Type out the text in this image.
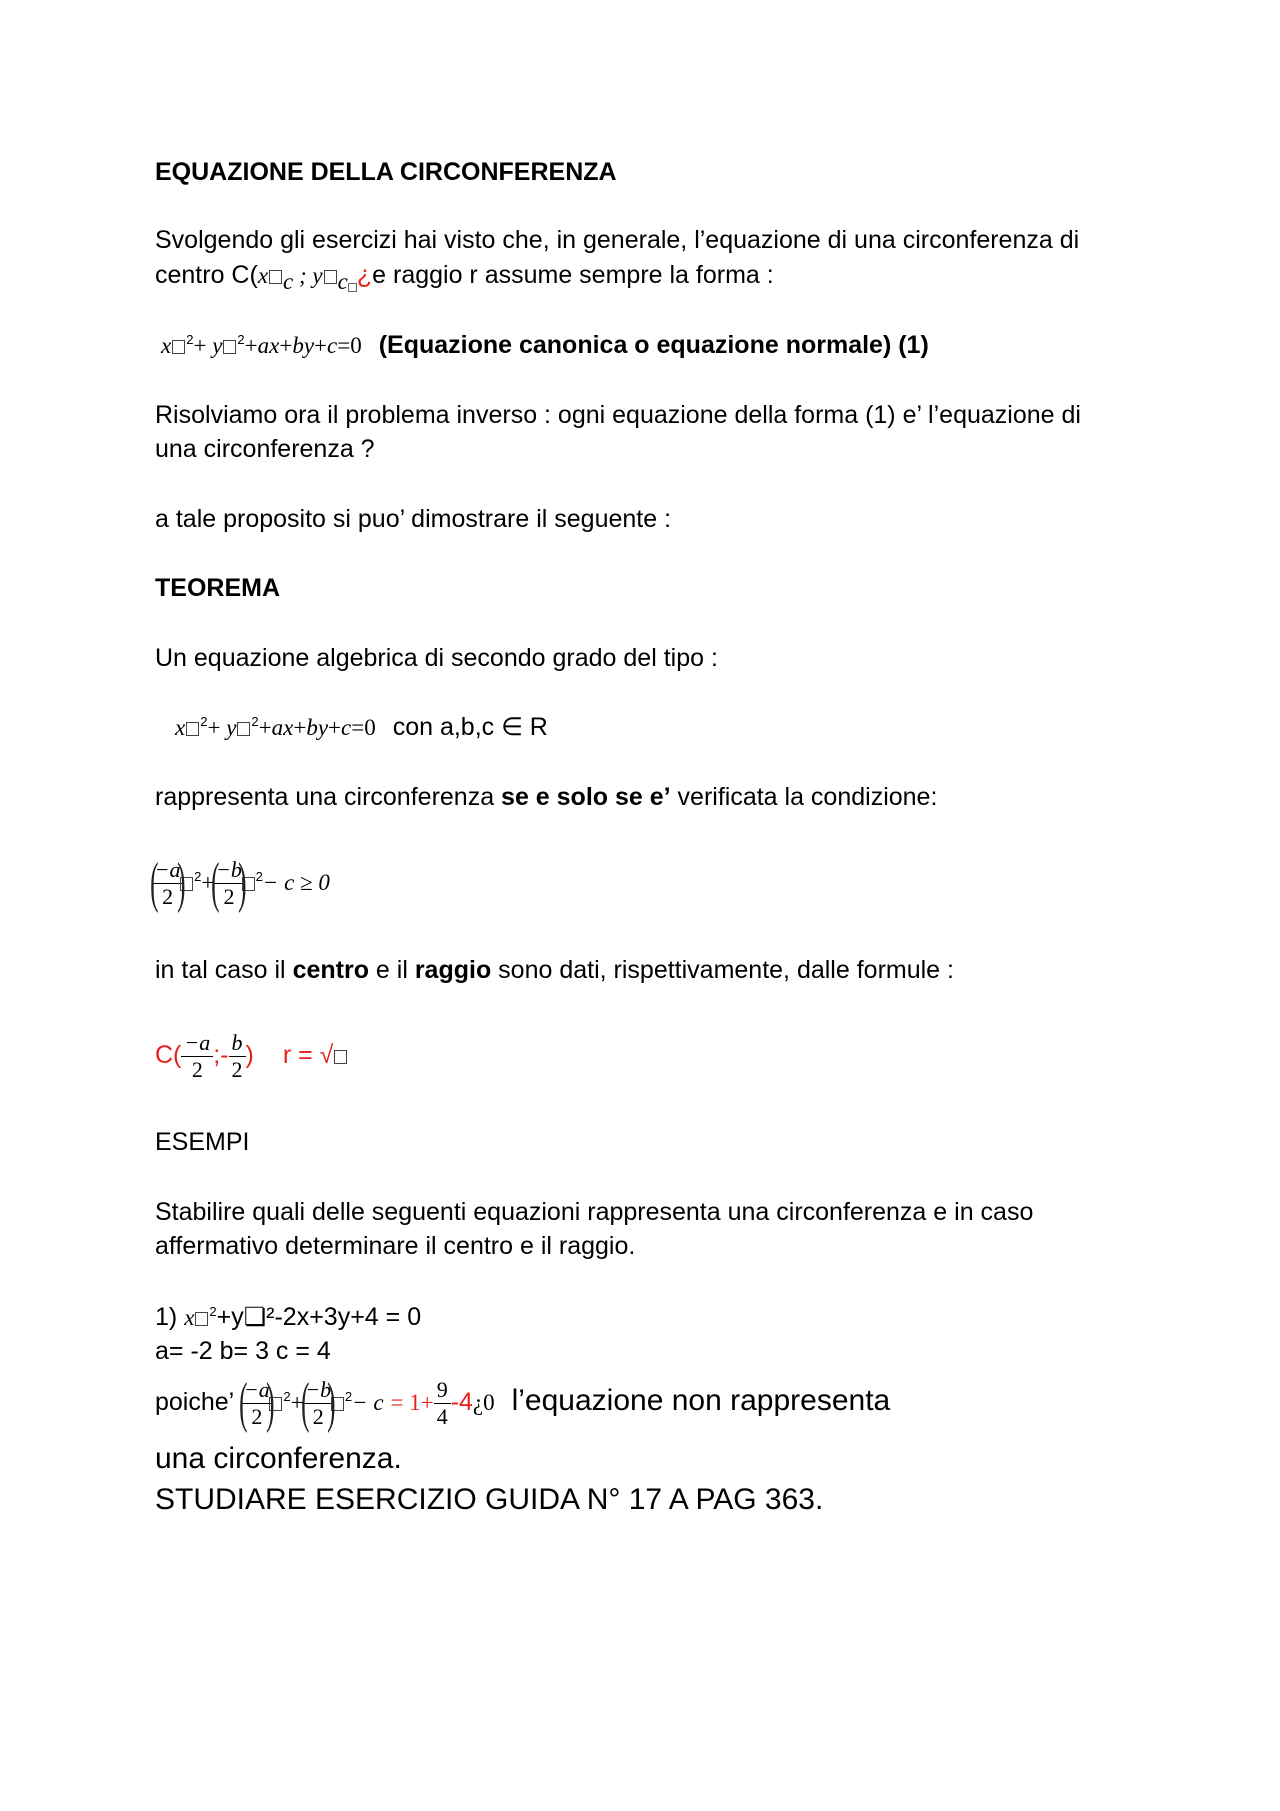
EQUAZIONE DELLA CIRCONFERENZA
Svolgendo gli esercizi hai visto che, in generale, l’equazione di una circonferenza di
centro C(x $_c$ ; y $_c$ ¿e raggio r assume sempre la forma :
x $^2$+ y $^2$+ax+by+c=0 (Equazione canonica o equazione normale) (1)
Risolviamo ora il problema inverso : ogni equazione della forma (1) e’ l’equazione di
una circonferenza ?
a tale proposito si puo’ dimostrare il seguente :
TEOREMA
Un equazione algebrica di secondo grado del tipo :
x $^2$+ y $^2$+ax+by+c=0 con a,b,c ∈ R
rappresenta una circonferenza se e solo se e’ verificata la condizione:
(
$\frac{-a}{2}$
) $^2$+(
$\frac{-b}{2}$
) $^2$− c ≥ 0
in tal caso il centro e il raggio sono dati, rispettivamente, dalle formule :
$C( \frac{-a}{2}$ ;- $\frac{b}{2}$ ) r = √
ESEMPI
Stabilire quali delle seguenti equazioni rappresenta una circonferenza e in caso
affermativo determinare il centro e il raggio.
1) x $^2$+y❏²-2x+3y+4 = 0
a= -2 b= 3 c = 4
poiche’ (
$\frac{-a}{2}$
) $^2$+(
$\frac{-b}{2}$
) $^2- c = 1+ \frac{9}{4}$ -4¿0 l’equazione non rappresenta
una circonferenza.
STUDIARE ESERCIZIO GUIDA N° 17 A PAG 363.
